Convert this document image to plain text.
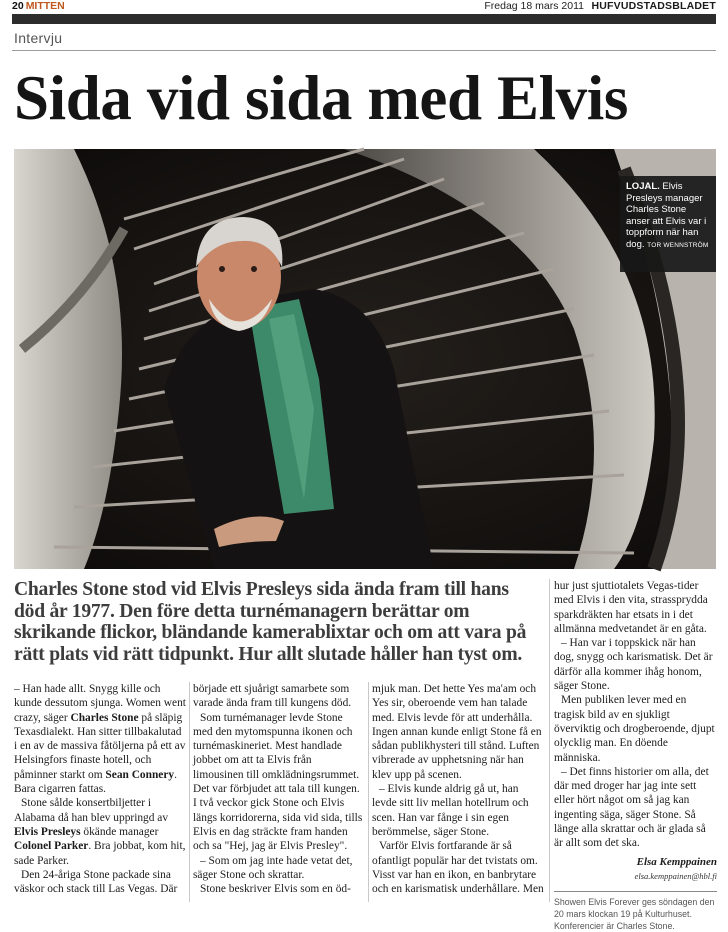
20 MITTEN	Fredag 18 mars 2011 HUFVUDSTADSBLADET
Intervju
Sida vid sida med Elvis
LOJAL. Elvis Presleys manager Charles Stone anser att Elvis var i toppform när han dog. TOR WENNSTRÖM
Charles Stone stod vid Elvis Presleys sida ända fram till hans död år 1977. Den före detta turnémanagern berättar om skrikande flickor, bländande kamerablixtar och om att vara på rätt plats vid rätt tidpunkt. Hur allt slutade håller han tyst om.

– Han hade allt. Snygg kille och kunde dessutom sjunga. Women went crazy, säger Charles Stone på släpig Texasdialekt. Han sitter tillbakalutad i en av de massiva fåtöljerna på ett av Helsingfors finaste hotell, och påminner starkt om Sean Connery. Bara cigarren fattas.

Stone sålde konsertbiljetter i Alabama då han blev uppringd av Elvis Presleys ökände manager Colonel Parker. Bra jobbat, kom hit, sade Parker.

Den 24-åriga Stone packade sina väskor och stack till Las Vegas. Där

började ett sjuårigt samarbete som varade ända fram till kungens död.

Som turnémanager levde Stone med den mytomspunna ikonen och turnémaskineriet. Mest handlade jobbet om att ta Elvis från limousinen till omklädningsrummet. Det var förbjudet att tala till kungen. I två veckor gick Stone och Elvis längs korridorerna, sida vid sida, tills Elvis en dag sträckte fram handen och sa "Hej, jag är Elvis Presley".

– Som om jag inte hade vetat det, säger Stone och skrattar.

Stone beskriver Elvis som en öd-

mjuk man. Det hette Yes ma'am och Yes sir, oberoende vem han talade med. Elvis levde för att underhålla. Ingen annan kunde enligt Stone få en sådan publikhysteri till stånd. Luften vibrerade av upphetsning när han klev upp på scenen.

– Elvis kunde aldrig gå ut, han levde sitt liv mellan hotellrum och scen. Han var fånge i sin egen berömmelse, säger Stone.

Varför Elvis fortfarande är så ofantligt populär har det tvistats om. Visst var han en ikon, en banbrytare och en karismatisk underhållare. Men

hur just sjuttiotalets Vegas-tider med Elvis i den vita, strassprydda sparkdräkten har etsats in i det allmänna medvetandet är en gåta.

– Han var i toppskick när han dog, snygg och karismatisk. Det är därför alla kommer ihåg honom, säger Stone.

Men publiken lever med en tragisk bild av en sjukligt överviktig och drogberoende, djupt olycklig man. En döende människa.

– Det finns historier om alla, det där med droger har jag inte sett eller hört något om så jag kan ingenting säga, säger Stone. Så länge alla skrattar och är glada så är allt som det ska.

Elsa Kemppainen
elsa.kemppainen@hbl.fi
Showen Elvis Forever ges söndagen den 20 mars klockan 19 på Kulturhuset. Konferencier är Charles Stone.
